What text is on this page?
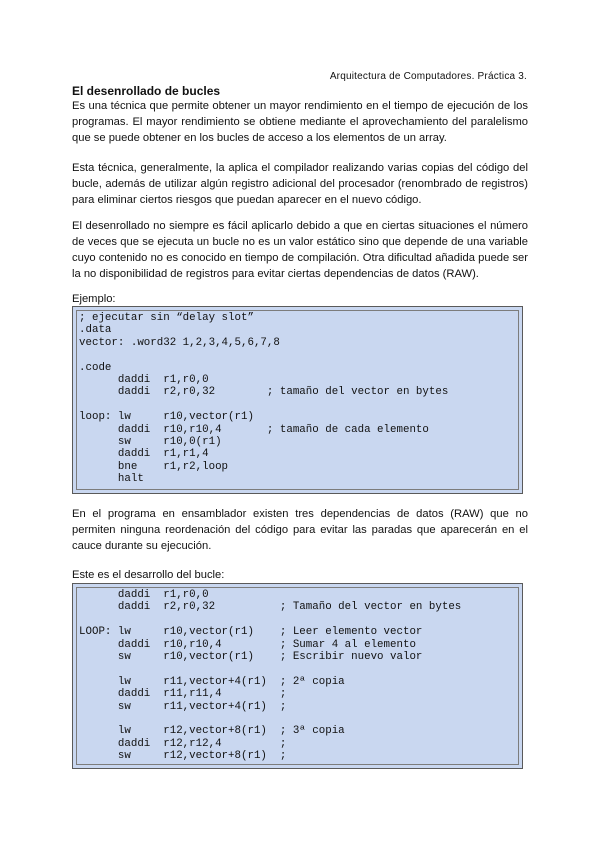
Arquitectura de Computadores. Práctica 3.
El desenrollado de bucles
Es una técnica que permite obtener un mayor rendimiento en el tiempo de ejecución de los programas. El mayor rendimiento se obtiene mediante el aprovechamiento del paralelismo que se puede obtener en los bucles de acceso a los elementos de un array.
Esta técnica, generalmente, la aplica el compilador realizando varias copias del código del bucle, además de utilizar algún registro adicional del procesador (renombrado de registros) para eliminar ciertos riesgos que puedan aparecer en el nuevo código.
El desenrollado no siempre es fácil aplicarlo debido a que en ciertas situaciones el número de veces que se ejecuta un bucle no es un valor estático sino que depende de una variable cuyo contenido no es conocido en tiempo de compilación. Otra dificultad añadida puede ser la no disponibilidad de registros para evitar ciertas dependencias de datos (RAW).
Ejemplo:
; ejecutar sin “delay slot”
.data
vector: .word32 1,2,3,4,5,6,7,8
.code
daddi  r1,r0,0
daddi  r2,r0,32        ; tamaño del vector en bytes
loop: lw     r10,vector(r1)
daddi  r10,r10,4       ; tamaño de cada elemento
sw     r10,0(r1)
daddi  r1,r1,4
bne    r1,r2,loop
halt
En el programa en ensamblador existen tres dependencias de datos (RAW) que no permiten ninguna reordenación del código para evitar las paradas que aparecerán en el cauce durante su ejecución.
Este es el desarrollo del bucle:
daddi  r1,r0,0
daddi  r2,r0,32          ; Tamaño del vector en bytes
LOOP: lw     r10,vector(r1)    ; Leer elemento vector
daddi  r10,r10,4         ; Sumar 4 al elemento
sw     r10,vector(r1)    ; Escribir nuevo valor
lw     r11,vector+4(r1)  ; 2ª copia
daddi  r11,r11,4         ;
sw     r11,vector+4(r1)  ;
lw     r12,vector+8(r1)  ; 3ª copia
daddi  r12,r12,4         ;
sw     r12,vector+8(r1)  ;
